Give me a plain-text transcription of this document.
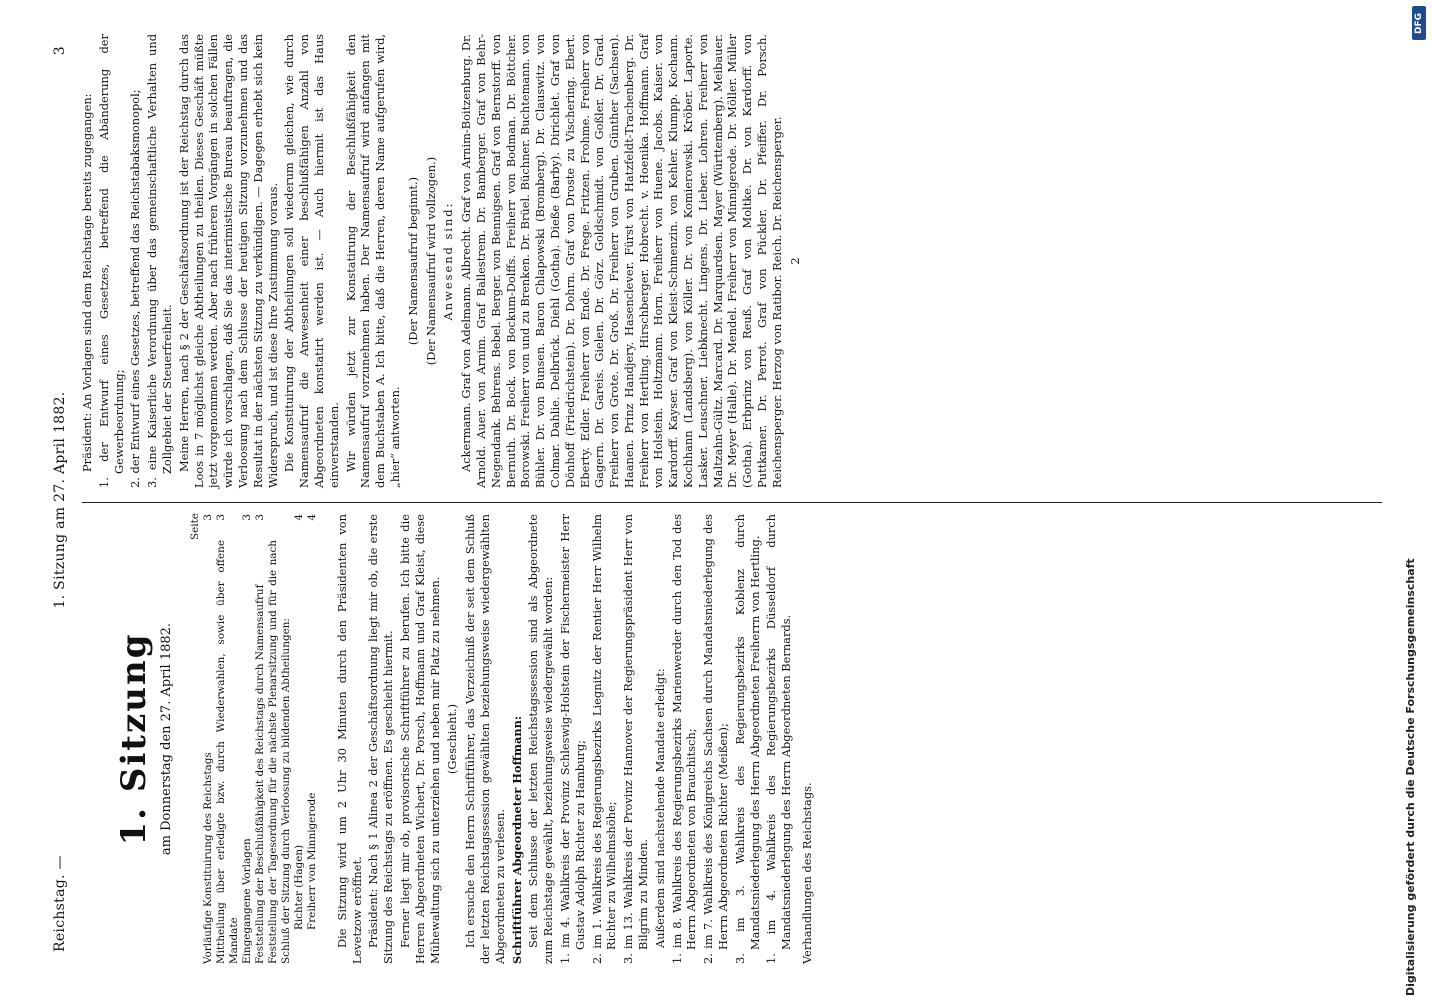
Reichstag. —
1. Sitzung am 27. April 1882.
3
1. Sitzung am Donnerstag den 27. April 1882.
Seite
Vorläufige Konstituirung des Reichstags
3
Mittheilung über erledigte bzw. durch Wiederwahlen, sowie über offene Mandate
3
Eingegangene Vorlagen
3
Feststellung der Beschlußfähigkeit des Reichstags durch Namensaufruf
3
Feststellung der Tagesordnung für die nächste Plenarsitzung und für die nach Schluß der Sitzung durch Verloosung zu bildenden Abtheilungen: Richter (Hagen)
4
Freiherr von Minnigerode
4 Die Sitzung wird um 2 Uhr 30 Minuten durch den Präsidenten von Levetzow eröffnet. Präsident: Nach § 1 Alinea 2 der Geschäftsordnung liegt mir ob, die erste Sitzung des Reichstags zu eröffnen. Es geschieht hiermit. Ferner liegt mir ob, provisorische Schriftführer zu berufen. Ich bitte die Herren Abgeordneten Wichert, Dr. Porsch, Hoffmann und Graf Kleist, diese Mühewaltung sich zu unterziehen und neben mir Platz zu nehmen. (Geschieht.) Ich ersuche den Herrn Schriftführer, das Verzeichniß der seit dem Schluß der letzten Reichstagssession gewählten beziehungsweise wiedergewählten Abgeordneten zu verlesen. Schriftführer Abgeordneter Hoffmann: Seit dem Schlusse der letzten Reichstagssession sind als Abgeordnete zum Reichstage gewählt, beziehungsweise wiedergewählt worden: 1. im 4. Wahlkreis der Provinz Schleswig-Holstein der Fischermeister Herr Gustav Adolph Richter zu Hamburg; 2. im 1. Wahlkreis des Regierungsbezirks Liegnitz der Rentier Herr Wilhelm Richter zu Wilhelmshöhe; 3. im 13. Wahlkreis der Provinz Hannover der Regierungspräsident Herr von Bilgrim zu Minden. Außerdem sind nachstehende Mandate erledigt: 1. im 8. Wahlkreis des Regierungsbezirks Marienwerder durch den Tod des Herrn Abgeordneten von Brauchitsch; 2. im 7. Wahlkreis des Königreichs Sachsen durch Mandatsniederlegung des Herrn Abgeordneten Richter (Meißen); 3. im 3. Wahlkreis des Regierungsbezirks Koblenz durch Mandatsniederlegung des Herrn Abgeordneten Freiherrn von Hertling. 1. im 4. Wahlkreis des Regierungsbezirks Düsseldorf durch Mandatsniederlegung des Herrn Abgeordneten Bernards. Verhandlungen des Reichstags.

Präsident: An Vorlagen sind dem Reichstage bereits zugegangen: 1. der Entwurf eines Gesetzes, betreffend die Abänderung der Gewerbeordnung; 2. der Entwurf eines Gesetzes, betreffend das Reichstabaksmonopol; 3. eine Kaiserliche Verordnung über das gemeinschaftliche Verhalten und Zollgebiet der Steuerfreiheit. Meine Herren, nach § 2 der Geschäftsordnung ist der Reichstag durch das Loos in 7 möglichst gleiche Abtheilungen zu theilen. Dieses Geschäft müßte jetzt vorgenommen werden. Aber nach früheren Vorgängen in solchen Fällen würde ich vorschlagen, daß Sie das interimistische Bureau beauftragen, die Verloosung nach dem Schlusse der heutigen Sitzung vorzunehmen und das Resultat in der nächsten Sitzung zu verkündigen. — Dagegen erhebt sich kein Widerspruch, und ist diese Ihre Zustimmung voraus. Die Konstituirung der Abtheilungen soll wiederum gleichen, wie durch Namensaufruf die Anwesenheit einer beschlußfähigen Anzahl von Abgeordneten konstatirt werden ist. — Auch hiermit ist das Haus einverstanden. Wir würden jetzt zur Konstatirung der Beschlußfähigkeit den Namensaufruf vorzunehmen haben. Der Namensaufruf wird anfangen mit dem Buchstaben A. Ich bitte, daß die Herren, deren Name aufgerufen wird, „hier“ antworten.

(Der Namensaufruf beginnt.) (Der Namensaufruf wird vollzogen.) Anwesend sind: Ackermann. Graf von Adelmann. Albrecht. Graf von Arnim-Boitzenburg. Dr. Arnold. Auer. von Arnim. Graf Ballestrem. Dr. Bamberger. Graf von Behr-Negendank. Behrens. Bebel. Berger. von Bennigsen. Graf von Bernstorff. von Bernuth. Dr. Bock. von Bockum-Dolffs. Freiherr von Bodman. Dr. Böttcher. Borowski. Freiherr von und zu Brenken. Dr. Brüel. Büchner. Buchtemann. von Bühler. Dr. von Bunsen. Baron Chlapowski (Bromberg). Dr. Clauswitz. von Colmar. Dahlie. Delbrück. Diehl (Gotha). Dieße (Barby). Dirichlet. Graf von Dönhoff (Friedrichstein). Dr. Dohrn. Graf von Droste zu Vischering. Ebert. Eberty. Edler. Freiherr von Ende. Dr. Frege. Fritzen. Frohme. Freiherr von Gagern. Dr. Gareis. Gielen. Dr. Görz. Goldschmidt. von Goßler. Dr. Grad. Freiherr von Grote. Dr. Groß. Dr. Freiherr von Gruben. Günther (Sachsen). Haanen. Prinz Handjery. Hasenclever. Fürst von Hatzfeldt-Trachenberg. Dr. Freiherr von Hertling. Hirschberger. Hobrecht. v. Hoenika. Hoffmann. Graf von Holstein. Holtzmann. Horn. Freiherr von Huene. Jacobs. Kaiser. von Kardorff. Kayser. Graf von Kleist-Schmenzin. von Kehler. Klumpp. Kochann. Kochhann (Landsberg). von Köller. Dr. von Komierowski. Kröber. Laporte. Lasker. Leuschner. Liebknecht. Lingens. Dr. Lieber. Lohren. Freiherr von Maltzahn-Gültz. Marcard. Dr. Marquardsen. Mayer (Württemberg). Meibauer. Dr. Meyer (Halle). Dr. Mendel. Freiherr von Minnigerode. Dr. Möller. Müller (Gotha). Erbprinz von Reuß. Graf von Moltke. Dr. von Kardorff. von Puttkamer. Dr. Perrot. Graf von Pückler. Dr. Pfeiffer. Dr. Porsch. Reichensperger. Herzog von Ratibor. Reich. Dr. Reichensperger. 2

Digitalisierung gefördert durch die Deutsche Forschungsgemeinschaft
DFG
